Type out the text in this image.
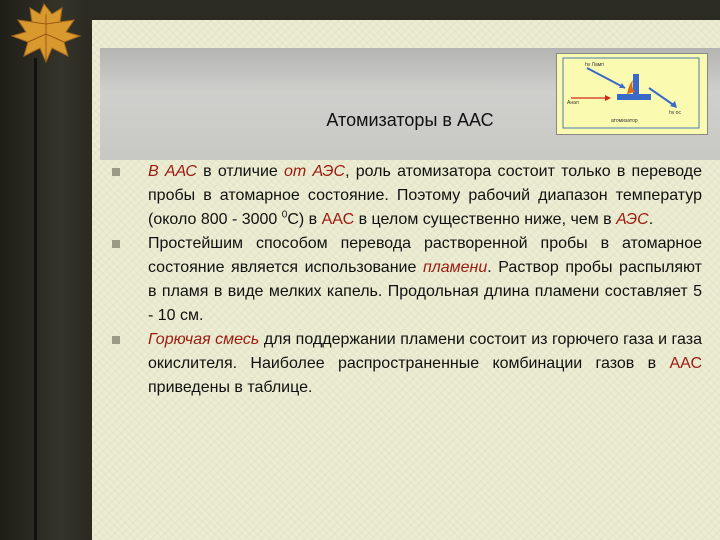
Атомизаторы в ААС
hv Ламп
Анал
hv ос
атомизатор
В ААС в отличие от АЭС, роль атомизатора состоит только в переводе пробы в атомарное состояние. Поэтому рабочий диапазон температур (около 800 - 3000 $^0$С) в ААС в целом существенно ниже, чем в АЭС.
Простейшим способом перевода растворенной пробы в атомарное состояние является использование пламени. Раствор пробы распыляют в пламя в виде мелких капель. Продольная длина пламени составляет 5 - 10 см.
Горючая смесь для поддержании пламени состоит из горючего газа и газа окислителя. Наиболее распространенные комбинации газов в ААС приведены в таблице.
